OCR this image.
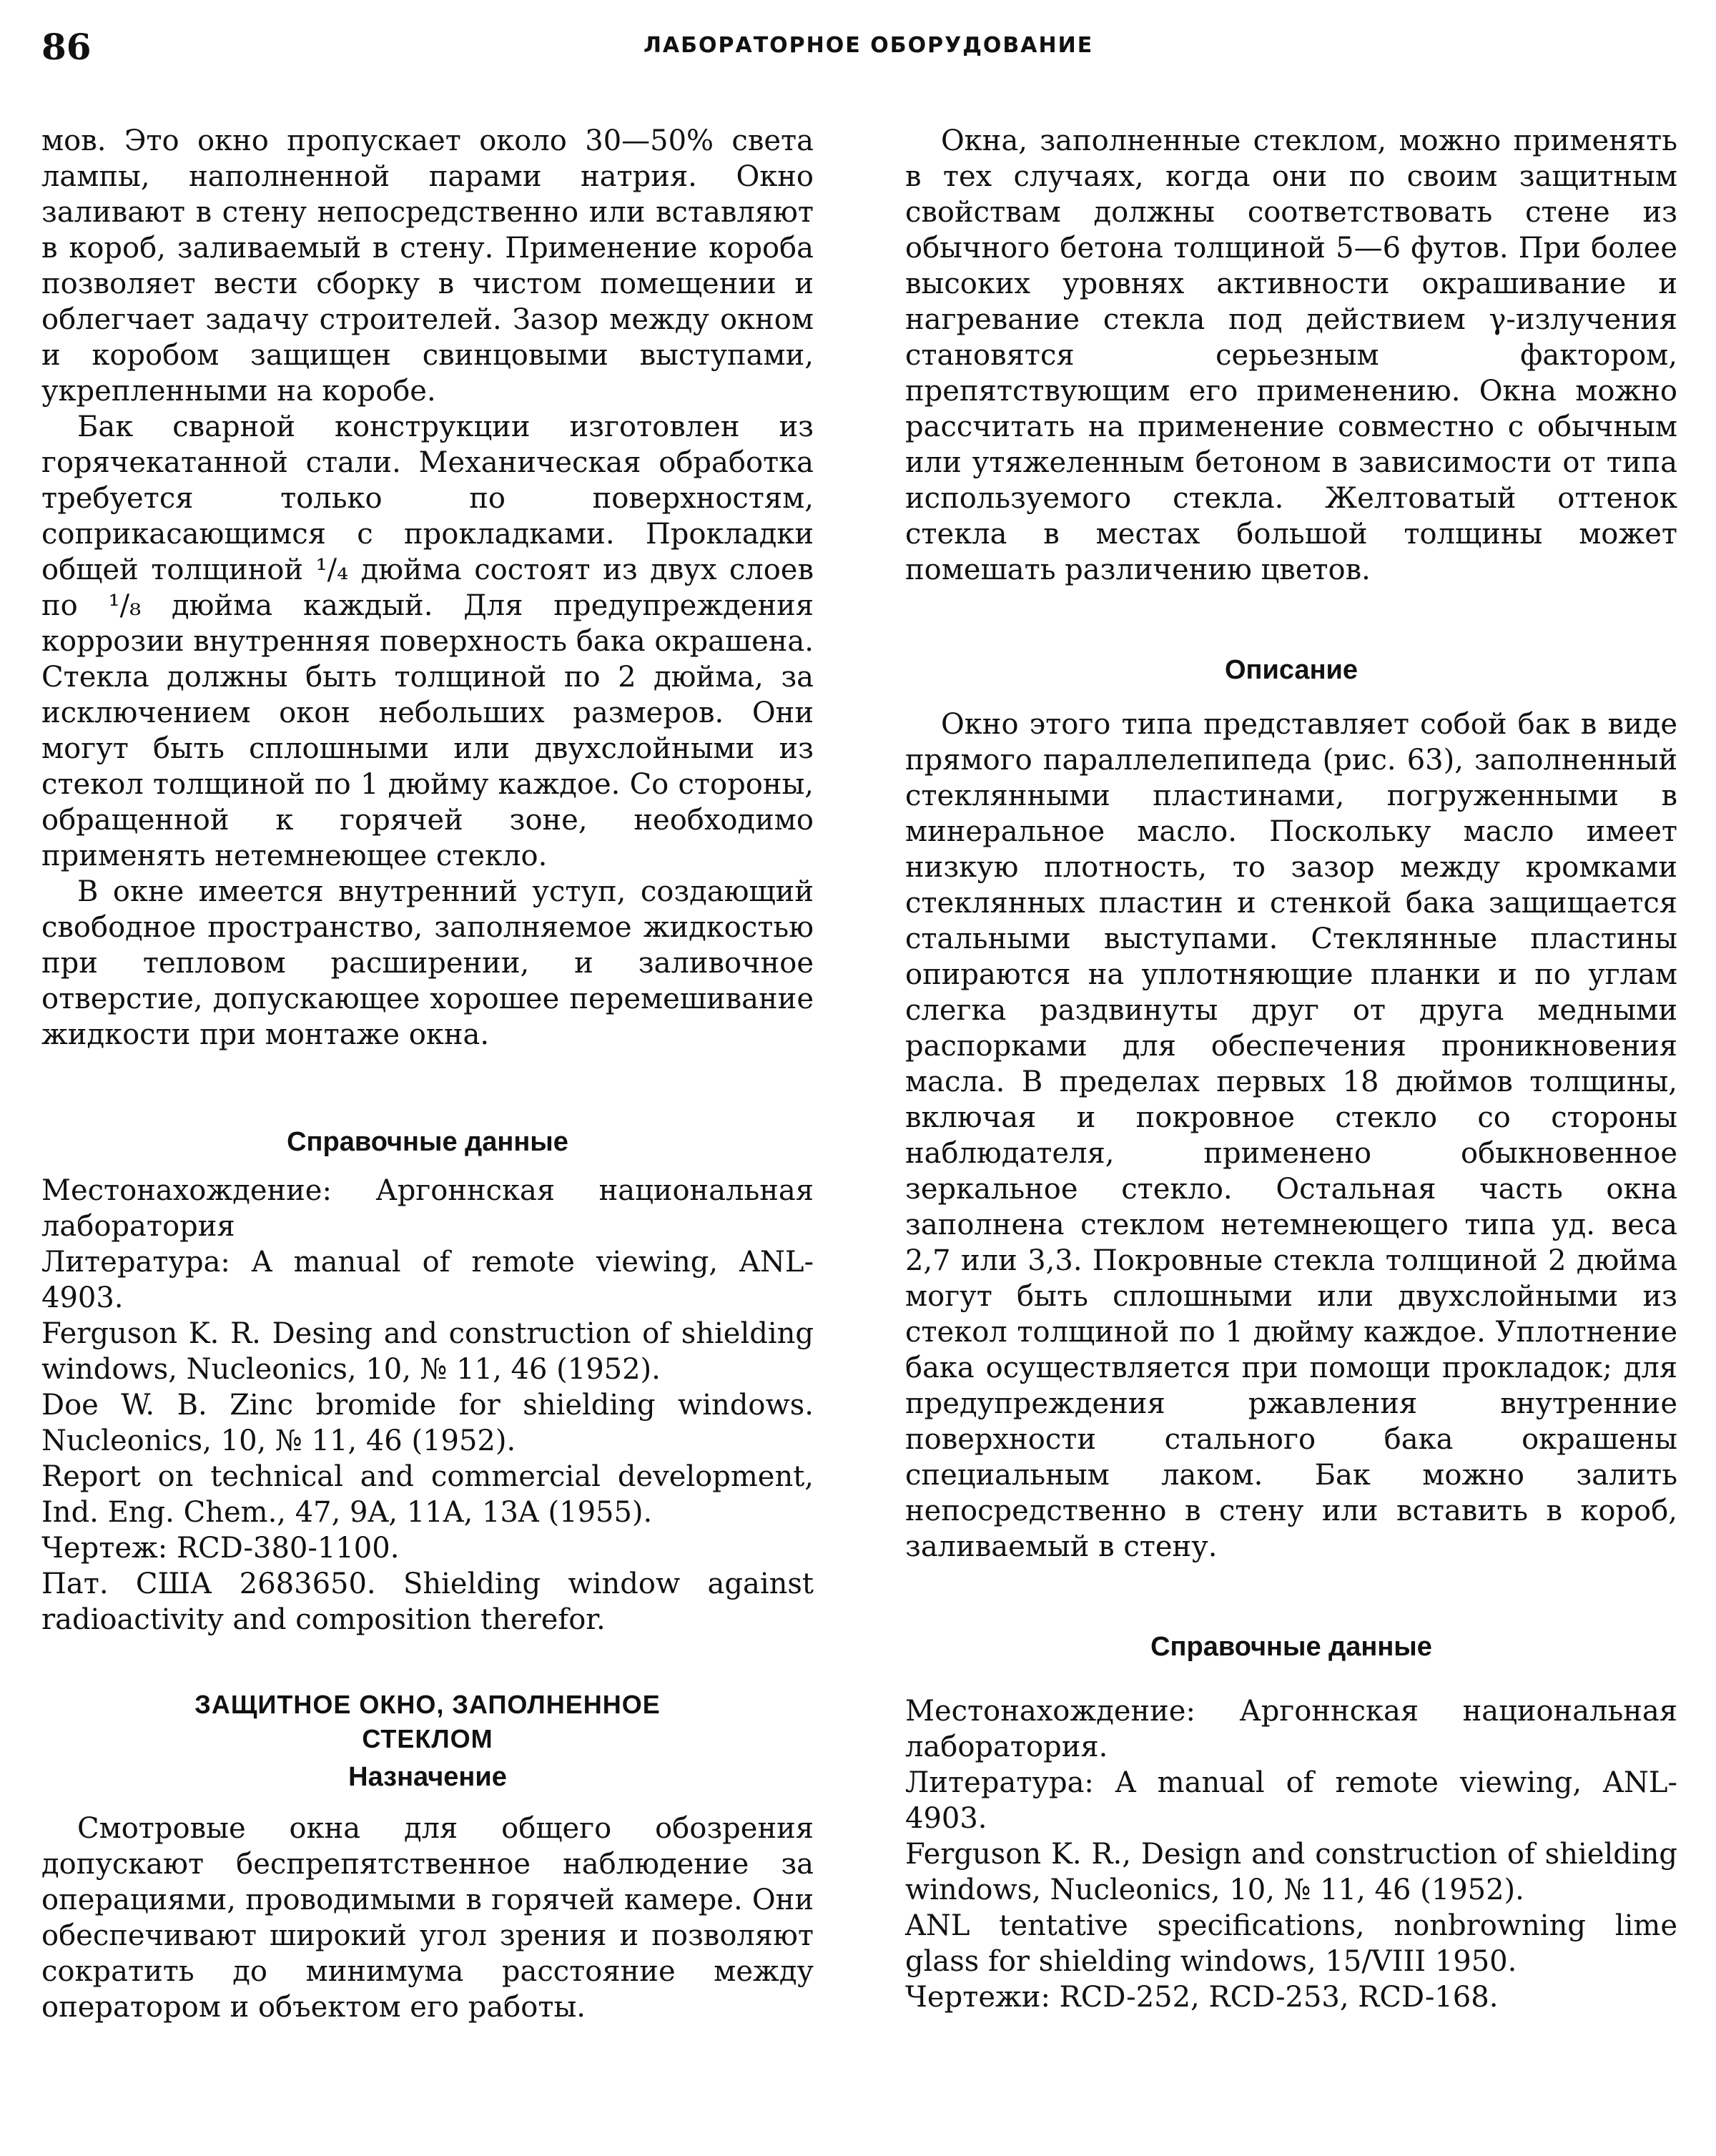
86	ЛАБОРАТОРНОЕ ОБОРУДОВАНИЕ

мов. Это окно пропускает около 30—50% света лампы, наполненной парами натрия. Окно заливают в стену непосредственно или вставляют в короб, заливаемый в стену. Применение короба позволяет вести сборку в чистом помещении и облегчает задачу строителей. Зазор между окном и коробом защищен свинцовыми выступами, укрепленными на коробе.

Бак сварной конструкции изготовлен из горячекатанной стали. Механическая обработка требуется только по поверхностям, соприкасающимся с прокладками. Прокладки общей толщиной ¹/₄ дюйма состоят из двух слоев по ¹/₈ дюйма каждый. Для предупреждения коррозии внутренняя поверхность бака окрашена. Стекла должны быть толщиной по 2 дюйма, за исключением окон небольших размеров. Они могут быть сплошными или двухслойными из стекол толщиной по 1 дюйму каждое. Со стороны, обращенной к горячей зоне, необходимо применять нетемнеющее стекло.

В окне имеется внутренний уступ, создающий свободное пространство, заполняемое жидкостью при тепловом расширении, и заливочное отверстие, допускающее хорошее перемешивание жидкости при монтаже окна.

Справочные данные

Местонахождение: Аргоннская национальная лаборатория

Литература: A manual of remote viewing, ANL-4903.

Ferguson K. R. Desing and construction of shielding windows, Nucleonics, 10, № 11, 46 (1952).

Doe W. B. Zinc bromide for shielding windows. Nucleonics, 10, № 11, 46 (1952).

Report on technical and commercial development, Ind. Eng. Chem., 47, 9A, 11A, 13A (1955).

Чертеж: RCD-380-1100.

Пат. США 2683650. Shielding window against radioactivity and composition therefor.

ЗАЩИТНОЕ ОКНО, ЗАПОЛНЕННОЕ

СТЕКЛОМ

Назначение

Смотровые окна для общего обозрения допускают беспрепятственное наблюдение за операциями, проводимыми в горячей камере. Они обеспечивают широкий угол зрения и позволяют сократить до минимума расстояние между оператором и объектом его работы.

Окна, заполненные стеклом, можно применять в тех случаях, когда они по своим защитным свойствам должны соответствовать стене из обычного бетона толщиной 5—6 футов. При более высоких уровнях активности окрашивание и нагревание стекла под действием γ-излучения становятся серьезным фактором, препятствующим его применению. Окна можно рассчитать на применение совместно с обычным или утяжеленным бетоном в зависимости от типа используемого стекла. Желтоватый оттенок стекла в местах большой толщины может помешать различению цветов.

Описание

Окно этого типа представляет собой бак в виде прямого параллелепипеда (рис. 63), заполненный стеклянными пластинами, погруженными в минеральное масло. Поскольку масло имеет низкую плотность, то зазор между кромками стеклянных пластин и стенкой бака защищается стальными выступами. Стеклянные пластины опираются на уплотняющие планки и по углам слегка раздвинуты друг от друга медными распорками для обеспечения проникновения масла. В пределах первых 18 дюймов толщины, включая и покровное стекло со стороны наблюдателя, применено обыкновенное зеркальное стекло. Остальная часть окна заполнена стеклом нетемнеющего типа уд. веса 2,7 или 3,3. Покровные стекла толщиной 2 дюйма могут быть сплошными или двухслойными из стекол толщиной по 1 дюйму каждое. Уплотнение бака осуществляется при помощи прокладок; для предупреждения ржавления внутренние поверхности стального бака окрашены специальным лаком. Бак можно залить непосредственно в стену или вставить в короб, заливаемый в стену.

Справочные данные

Местонахождение: Аргоннская национальная лаборатория.

Литература: A manual of remote viewing, ANL-4903.

Ferguson K. R., Design and construction of shielding windows, Nucleonics, 10, № 11, 46 (1952).

ANL tentative specifications, nonbrowning lime glass for shielding windows, 15/VIII 1950.

Чертежи: RCD-252, RCD-253, RCD-168.
